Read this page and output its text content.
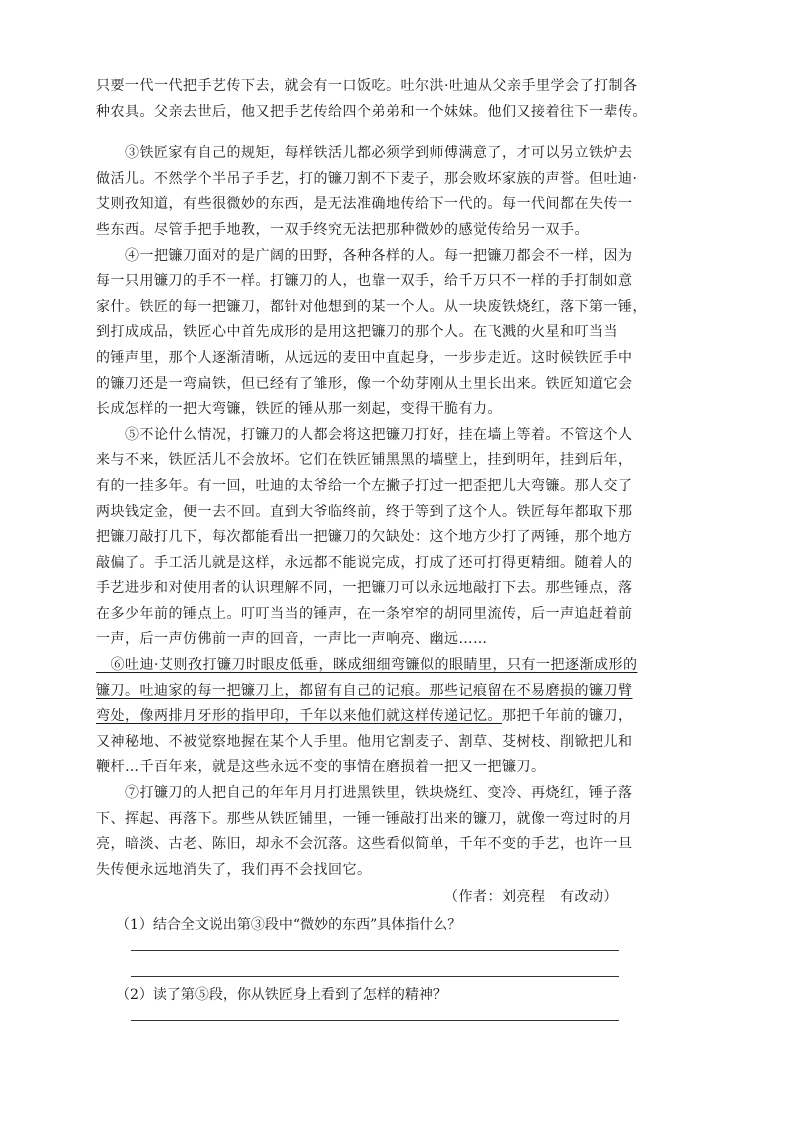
只要一代一代把手艺传下去，就会有一口饭吃。吐尔洪·吐迪从父亲手里学会了打制各
种农具。父亲去世后，他又把手艺传给四个弟弟和一个妹妹。他们又接着往下一辈传。
　　③铁匠家有自己的规矩，每样铁活儿都必须学到师傅满意了，才可以另立铁炉去
做活儿。不然学个半吊子手艺，打的镰刀割不下麦子，那会败坏家族的声誉。但吐迪·
艾则孜知道，有些很微妙的东西，是无法准确地传给下一代的。每一代间都在失传一
些东西。尽管手把手地教，一双手终究无法把那种微妙的感觉传给另一双手。
　　④一把镰刀面对的是广阔的田野，各种各样的人。每一把镰刀都会不一样，因为
每一只用镰刀的手不一样。打镰刀的人，也靠一双手，给千万只不一样的手打制如意
家什。铁匠的每一把镰刀，都针对他想到的某一个人。从一块废铁烧红，落下第一锤，
到打成成品，铁匠心中首先成形的是用这把镰刀的那个人。在飞溅的火星和叮当当
的锤声里，那个人逐渐清晰，从远远的麦田中直起身，一步步走近。这时候铁匠手中
的镰刀还是一弯扁铁，但已经有了雏形，像一个幼芽刚从土里长出来。铁匠知道它会
长成怎样的一把大弯镰，铁匠的锤从那一刻起，变得干脆有力。
　　⑤不论什么情况，打镰刀的人都会将这把镰刀打好，挂在墙上等着。不管这个人
来与不来，铁匠活儿不会放坏。它们在铁匠铺黑黑的墙壁上，挂到明年，挂到后年，
有的一挂多年。有一回，吐迪的太爷给一个左撇子打过一把歪把儿大弯镰。那人交了
两块钱定金，便一去不回。直到大爷临终前，终于等到了这个人。铁匠每年都取下那
把镰刀敲打几下，每次都能看出一把镰刀的欠缺处：这个地方少打了两锤，那个地方
敲偏了。手工活儿就是这样，永远都不能说完成，打成了还可打得更精细。随着人的
手艺进步和对使用者的认识理解不同，一把镰刀可以永远地敲打下去。那些锤点，落
在多少年前的锤点上。叮叮当当的锤声，在一条窄窄的胡同里流传，后一声追赶着前
一声，后一声仿佛前一声的回音，一声比一声响亮、幽远……
　⑥吐迪·艾则孜打镰刀时眼皮低垂，眯成细细弯镰似的眼睛里，只有一把逐渐成形的
镰刀。吐迪家的每一把镰刀上，都留有自己的记痕。那些记痕留在不易磨损的镰刀臂
弯处，像两排月牙形的指甲印，千年以来他们就这样传递记忆。那把千年前的镰刀，
又神秘地、不被觉察地握在某个人手里。他用它割麦子、割草、芟树枝、削锨把儿和
鞭杆…千百年来，就是这些永远不变的事情在磨损着一把又一把镰刀。
　　⑦打镰刀的人把自己的年年月月打进黑铁里，铁块烧红、变冷、再烧红，锤子落
下、挥起、再落下。那些从铁匠铺里，一锤一锤敲打出来的镰刀，就像一弯过时的月
亮，暗淡、古老、陈旧，却永不会沉落。这些看似简单，千年不变的手艺，也许一旦
失传便永远地消失了，我们再不会找回它。
（作者：刘亮程　有改动）
（1）结合全文说出第③段中“微妙的东西”具体指什么？
（2）读了第⑤段，你从铁匠身上看到了怎样的精神？
